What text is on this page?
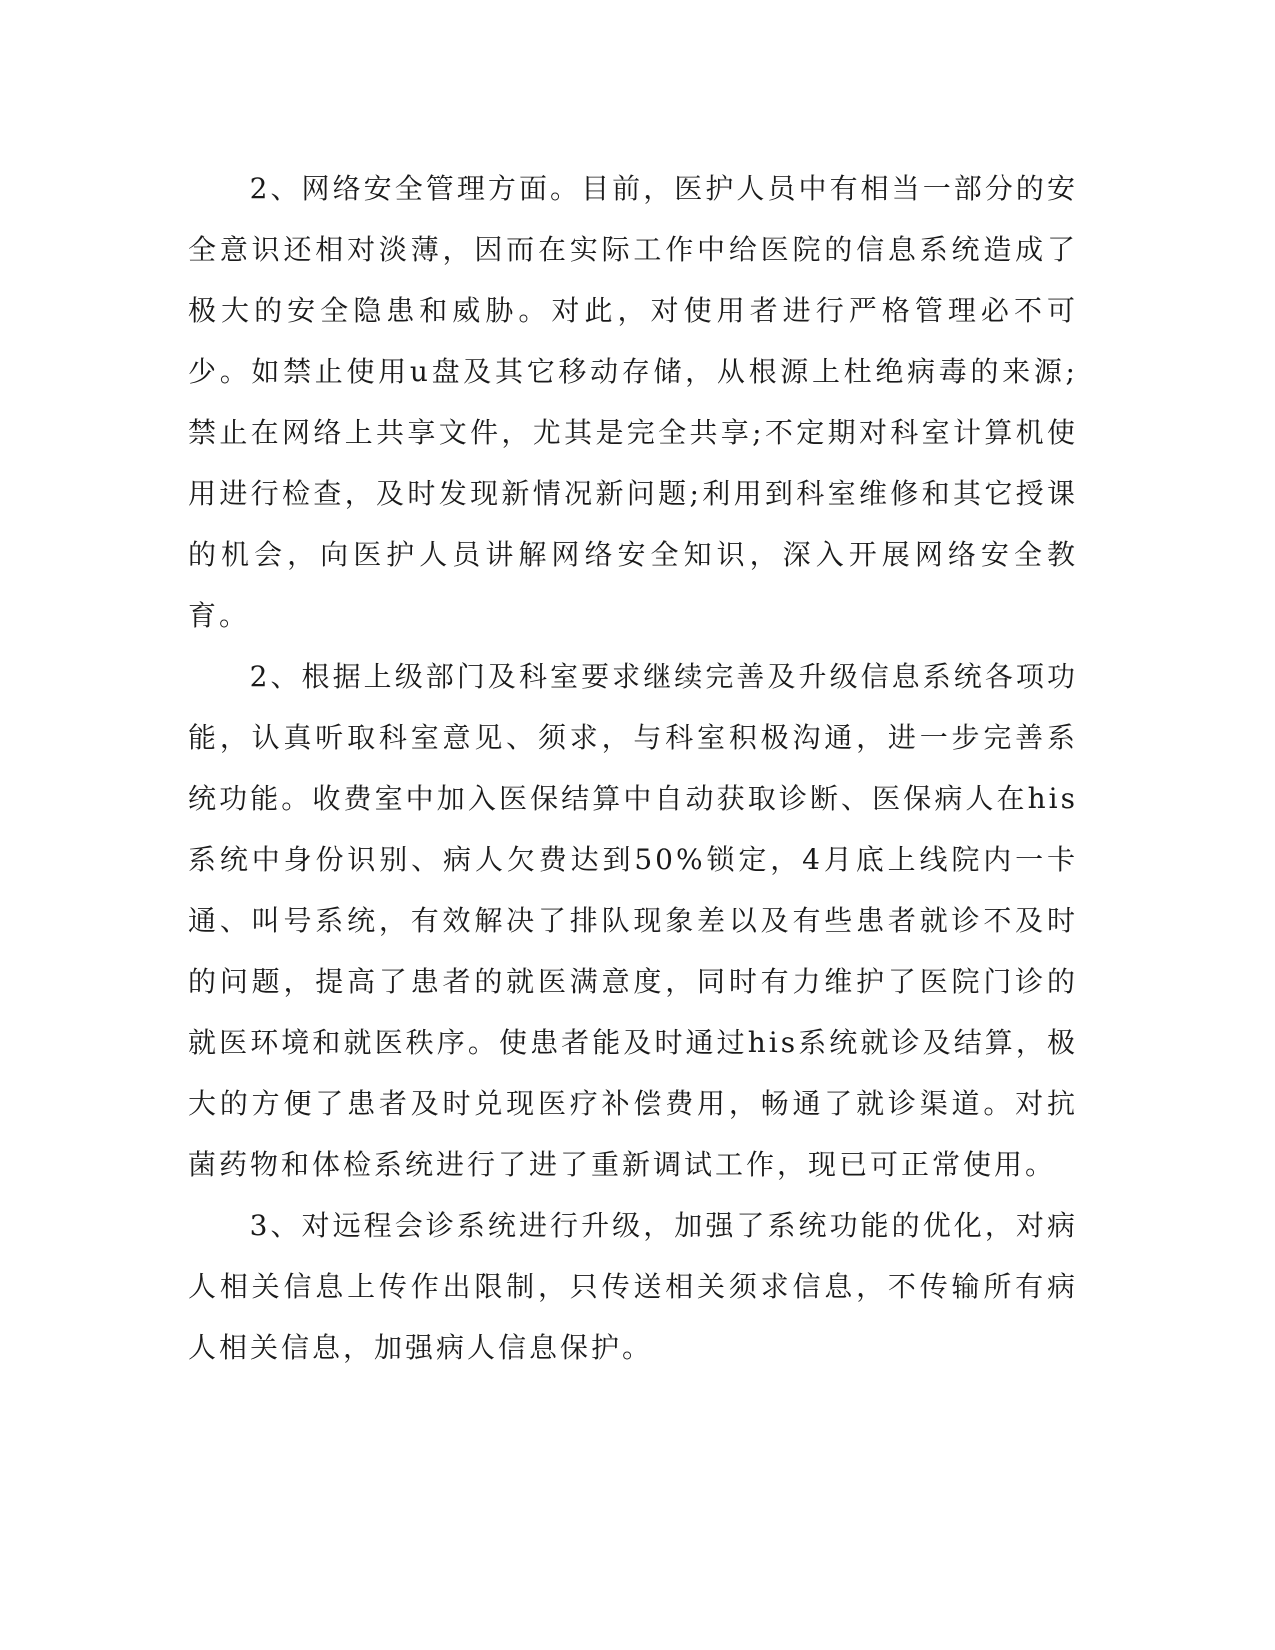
2、网络安全管理方面。目前，医护人员中有相当一部分的安全意识还相对淡薄，因而在实际工作中给医院的信息系统造成了极大的安全隐患和威胁。对此，对使用者进行严格管理必不可少。如禁止使用u盘及其它移动存储，从根源上杜绝病毒的来源;禁止在网络上共享文件，尤其是完全共享;不定期对科室计算机使用进行检查，及时发现新情况新问题;利用到科室维修和其它授课的机会，向医护人员讲解网络安全知识，深入开展网络安全教育。

2、根据上级部门及科室要求继续完善及升级信息系统各项功能，认真听取科室意见、须求，与科室积极沟通，进一步完善系统功能。收费室中加入医保结算中自动获取诊断、医保病人在his系统中身份识别、病人欠费达到50%锁定，4月底上线院内一卡通、叫号系统，有效解决了排队现象差以及有些患者就诊不及时的问题，提高了患者的就医满意度，同时有力维护了医院门诊的就医环境和就医秩序。使患者能及时通过his系统就诊及结算，极大的方便了患者及时兑现医疗补偿费用，畅通了就诊渠道。对抗菌药物和体检系统进行了进了重新调试工作，现已可正常使用。

3、对远程会诊系统进行升级，加强了系统功能的优化，对病人相关信息上传作出限制，只传送相关须求信息，不传输所有病人相关信息，加强病人信息保护。
